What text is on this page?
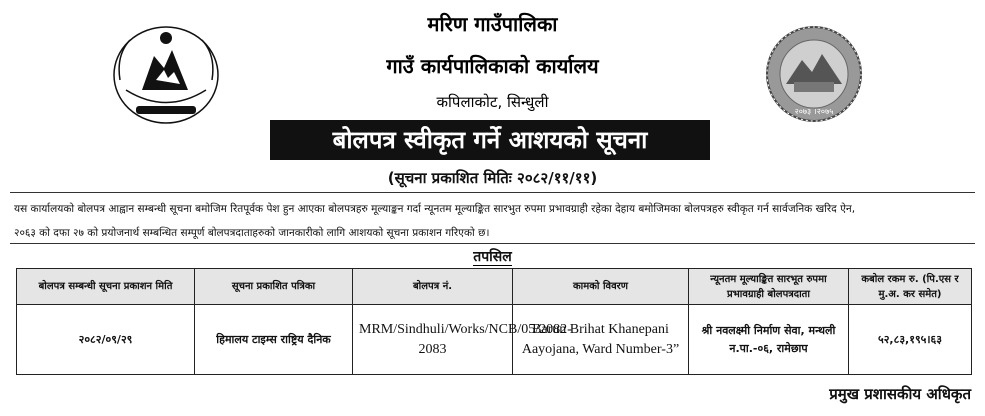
२०७३ ।२०७५
मरिण गाउँपालिका
गाउँ कार्यपालिकाको कार्यालय
कपिलाकोट, सिन्धुली
बोलपत्र स्वीकृत गर्ने आशयको सूचना
(सूचना प्रकाशित मितिः २०८२/११/११)
यस कार्यालयको बोलपत्र आह्वान सम्बन्धी सूचना बमोजिम रितपूर्वक पेश हुन आएका बोलपत्रहरु मूल्याङ्कन गर्दा न्यूनतम मूल्याङ्कित सारभुत रुपमा प्रभावग्राही रहेका देहाय बमोजिमका बोलपत्रहरु स्वीकृत गर्न सार्वजनिक खरिद ऐन,
२०६३ को दफा २७ को प्रयोजनार्थ सम्बन्धित सम्पूर्ण बोलपत्रदाताहरुको जानकारीको लागि आशयको सूचना प्रकाशन गरिएको छ।
तपसिल
बोलपत्र सम्बन्धी सूचना प्रकाशन मिति	सूचना प्रकाशित पत्रिका	बोलपत्र नं.	कामको विवरण	न्यूनतम मूल्याङ्कित सारभूत रुपमा प्रभावग्राही बोलपत्रदाता	कबोल रकम रु. (पि.एस र मु.अ. कर समेत)
२०८२/०९/२९	हिमालय टाइम्स राष्ट्रिय दैनिक	MRM/Sindhuli/Works/NCB/05/2082-2083	Barun Brihat Khanepani Aayojana, Ward Number-3”	श्री नवलक्ष्मी निर्माण सेवा, मन्थली न.पा.-०६, रामेछाप	५२,८३,१९५।६३
प्रमुख प्रशासकीय अधिकृत
